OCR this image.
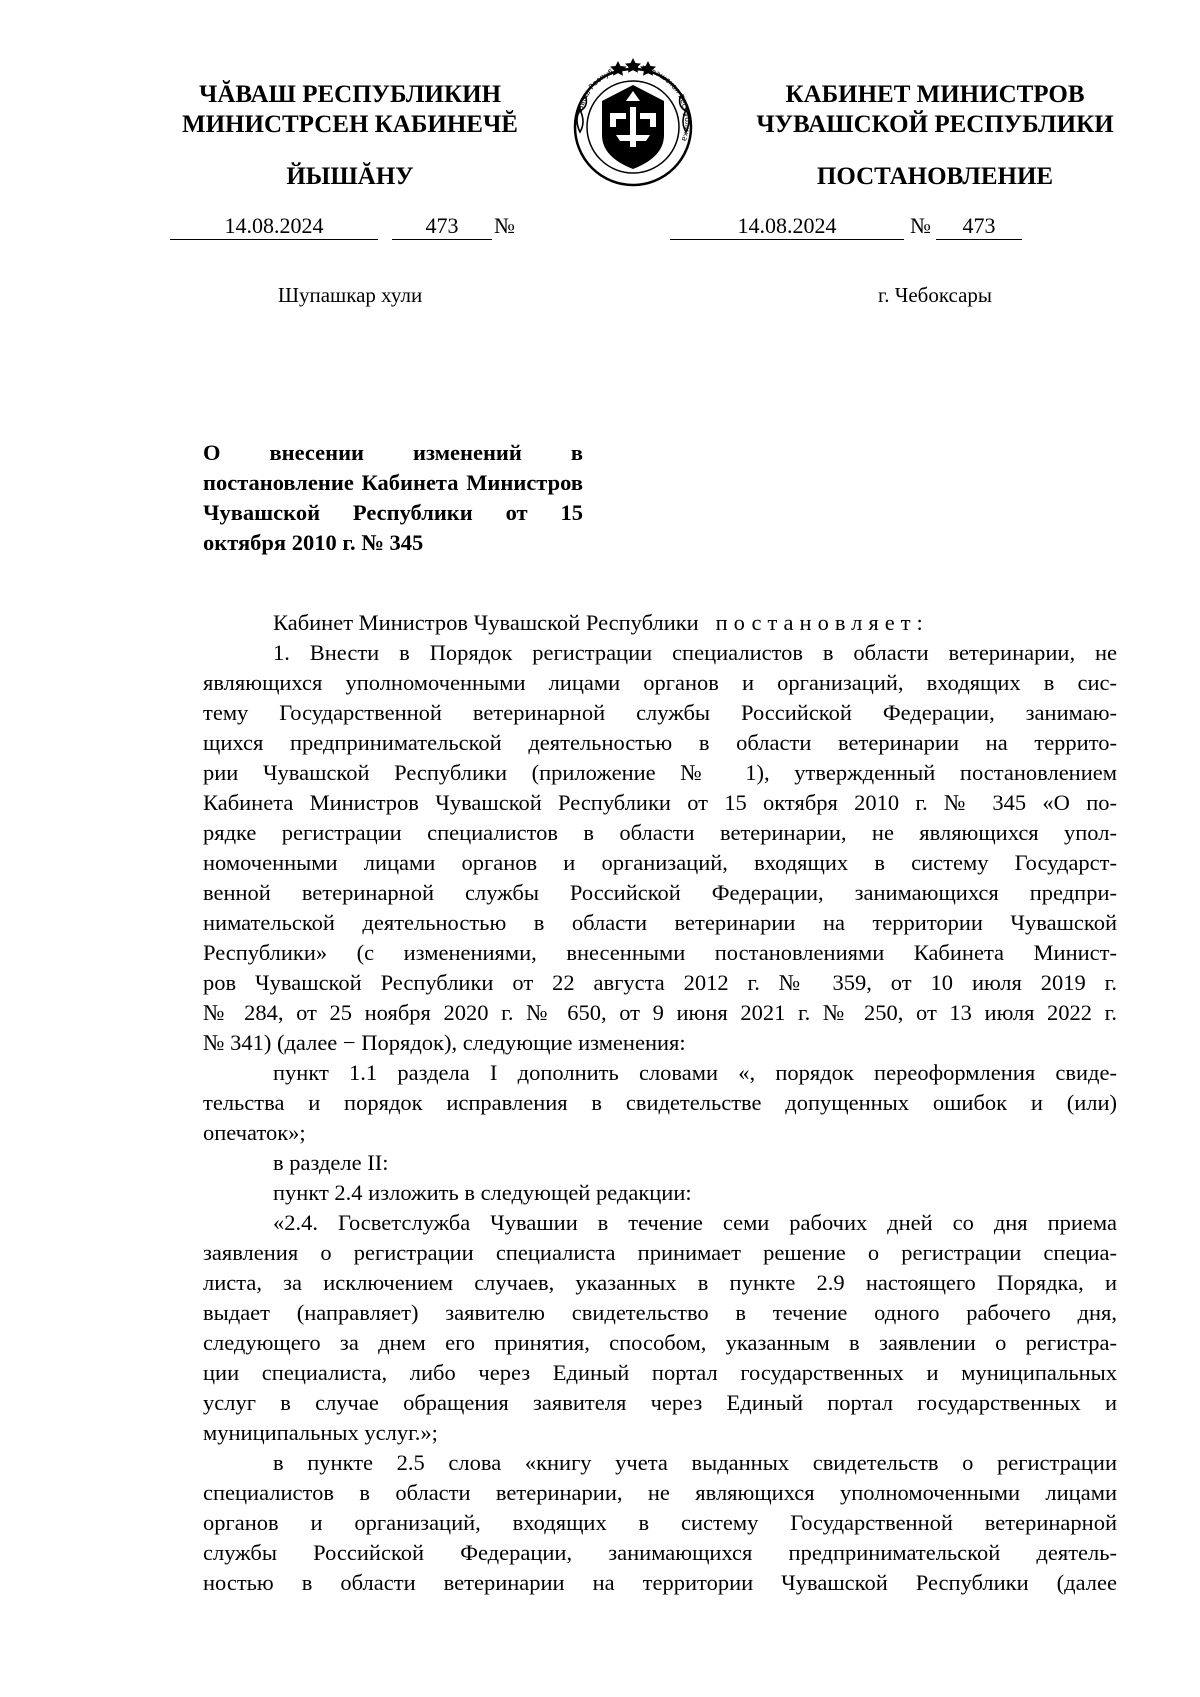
ЧĂВАШ РЕСПУБЛИКИН
МИНИСТРСЕН КАБИНЕЧĔ
ЙЫШĂНУ
КАБИНЕТ МИНИСТРОВ
ЧУВАШСКОЙ РЕСПУБЛИКИ
ПОСТАНОВЛЕНИЕ
Чăваш Республики • Чувашская Республика
14.08.2024	473	№	14.08.2024	№	473
Шупашкар хули	г. Чебоксары
О внесении изменений в постановление Кабинета Министров Чувашской Республики от 15 октября 2010 г. № 345

Кабинет Министров Чувашской Республики постановляет:

1. Внести в Порядок регистрации специалистов в области ветеринарии, не

являющихся уполномоченными лицами органов и организаций, входящих в сис-

тему Государственной ветеринарной службы Российской Федерации, занимаю-

щихся предпринимательской деятельностью в области ветеринарии на террито-

рии Чувашской Республики (приложение № 1), утвержденный постановлением

Кабинета Министров Чувашской Республики от 15 октября 2010 г. № 345 «О по-

рядке регистрации специалистов в области ветеринарии, не являющихся упол-

номоченными лицами органов и организаций, входящих в систему Государст-

венной ветеринарной службы Российской Федерации, занимающихся предпри-

нимательской деятельностью в области ветеринарии на территории Чувашской

Республики» (с изменениями, внесенными постановлениями Кабинета Минист-

ров Чувашской Республики от 22 августа 2012 г. № 359, от 10 июля 2019 г.

№ 284, от 25 ноября 2020 г. № 650, от 9 июня 2021 г. № 250, от 13 июля 2022 г.

№ 341) (далее − Порядок), следующие изменения:

пункт 1.1 раздела I дополнить словами «, порядок переоформления свиде-

тельства и порядок исправления в свидетельстве допущенных ошибок и (или)

опечаток»;

в разделе II:

пункт 2.4 изложить в следующей редакции:

«2.4. Госветслужба Чувашии в течение семи рабочих дней со дня приема

заявления о регистрации специалиста принимает решение о регистрации специа-

листа, за исключением случаев, указанных в пункте 2.9 настоящего Порядка, и

выдает (направляет) заявителю свидетельство в течение одного рабочего дня,

следующего за днем его принятия, способом, указанным в заявлении о регистра-

ции специалиста, либо через Единый портал государственных и муниципальных

услуг в случае обращения заявителя через Единый портал государственных и

муниципальных услуг.»;

в пункте 2.5 слова «книгу учета выданных свидетельств о регистрации

специалистов в области ветеринарии, не являющихся уполномоченными лицами

органов и организаций, входящих в систему Государственной ветеринарной

службы Российской Федерации, занимающихся предпринимательской деятель-

ностью в области ветеринарии на территории Чувашской Республики (далее
